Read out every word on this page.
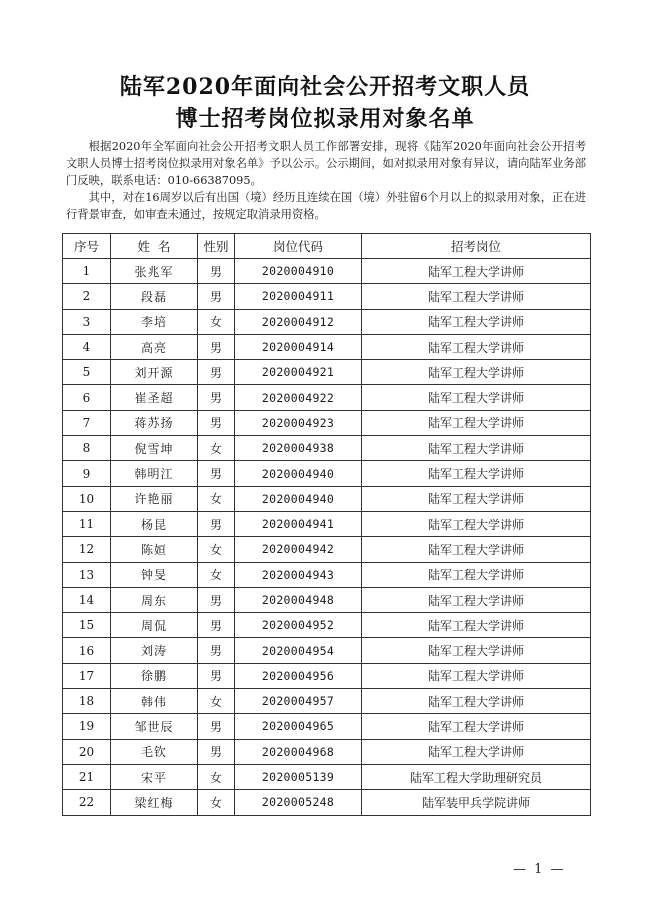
陆军2020年面向社会公开招考文职人员
博士招考岗位拟录用对象名单

根据2020年全军面向社会公开招考文职人员工作部署安排，现将《陆军2020年面向社会公开招考文职人员博士招考岗位拟录用对象名单》予以公示。公示期间，如对拟录用对象有异议，请向陆军业务部门反映，联系电话：010-66387095。

其中，对在16周岁以后有出国（境）经历且连续在国（境）外驻留6个月以上的拟录用对象，正在进行背景审查，如审查未通过，按规定取消录用资格。

序号	姓  名	性别	岗位代码	招考岗位
1	张兆军	男	2020004910	陆军工程大学讲师
2	段磊	男	2020004911	陆军工程大学讲师
3	李培	女	2020004912	陆军工程大学讲师
4	高亮	男	2020004914	陆军工程大学讲师
5	刘开源	男	2020004921	陆军工程大学讲师
6	崔圣超	男	2020004922	陆军工程大学讲师
7	蒋苏扬	男	2020004923	陆军工程大学讲师
8	倪雪坤	女	2020004938	陆军工程大学讲师
9	韩明江	男	2020004940	陆军工程大学讲师
10	许艳丽	女	2020004940	陆军工程大学讲师
11	杨昆	男	2020004941	陆军工程大学讲师
12	陈姮	女	2020004942	陆军工程大学讲师
13	钟旻	女	2020004943	陆军工程大学讲师
14	周东	男	2020004948	陆军工程大学讲师
15	周侃	男	2020004952	陆军工程大学讲师
16	刘涛	男	2020004954	陆军工程大学讲师
17	徐鹏	男	2020004956	陆军工程大学讲师
18	韩伟	女	2020004957	陆军工程大学讲师
19	邹世辰	男	2020004965	陆军工程大学讲师
20	毛钦	男	2020004968	陆军工程大学讲师
21	宋平	女	2020005139	陆军工程大学助理研究员
22	梁红梅	女	2020005248	陆军装甲兵学院讲师
— 1 —
